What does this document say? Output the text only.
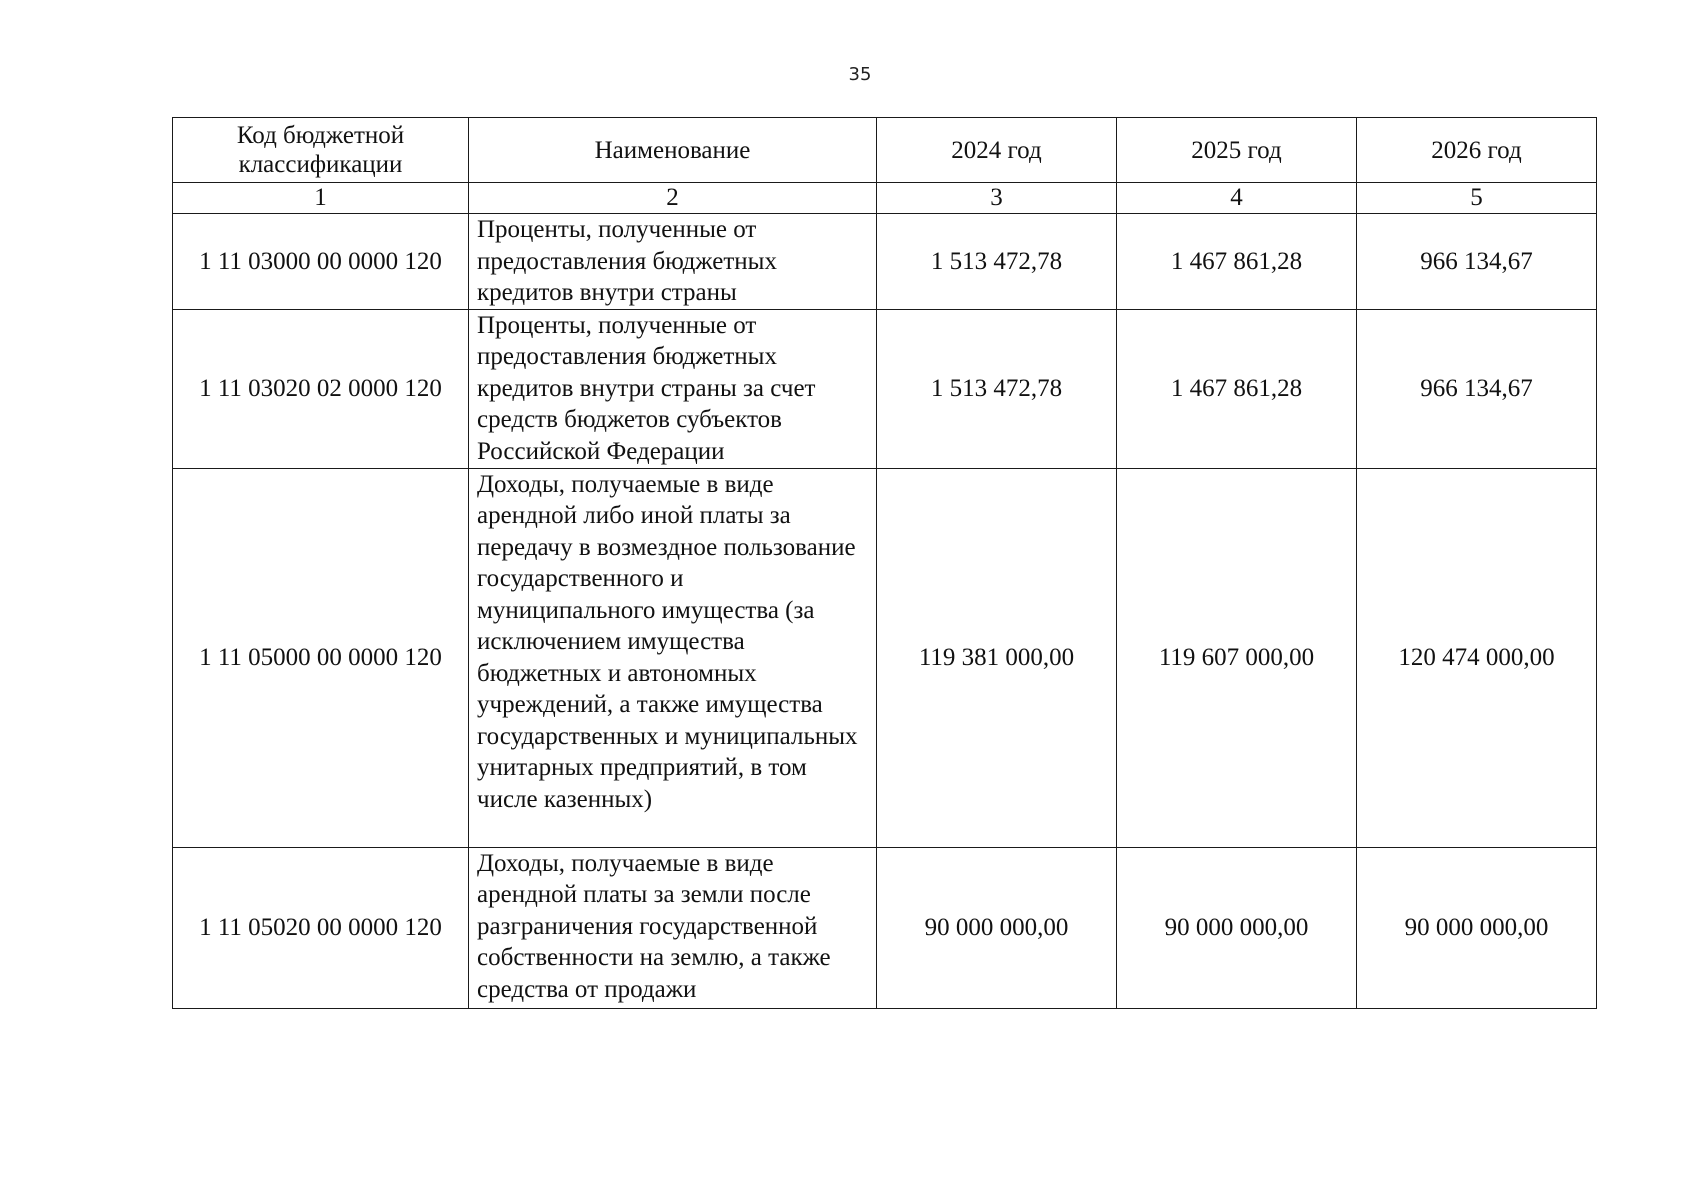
35
Код бюджетной классификации	Наименование	2024 год	2025 год	2026 год
1	2	3	4	5
1 11 03000 00 0000 120	Проценты, полученные от предоставления бюджетных кредитов внутри страны	1 513 472,78	1 467 861,28	966 134,67
1 11 03020 02 0000 120	Проценты, полученные от предоставления бюджетных кредитов внутри страны за счет средств бюджетов субъектов Российской Федерации	1 513 472,78	1 467 861,28	966 134,67
1 11 05000 00 0000 120	Доходы, получаемые в виде арендной либо иной платы за передачу в возмездное пользование государственного и муниципального имущества (за исключением имущества бюджетных и автономных учреждений, а также имущества государственных и муниципальных унитарных предприятий, в том числе казенных)	119 381 000,00	119 607 000,00	120 474 000,00
1 11 05020 00 0000 120	Доходы, получаемые в виде арендной платы за земли после разграничения государственной собственности на землю, а также средства от продажи	90 000 000,00	90 000 000,00	90 000 000,00
